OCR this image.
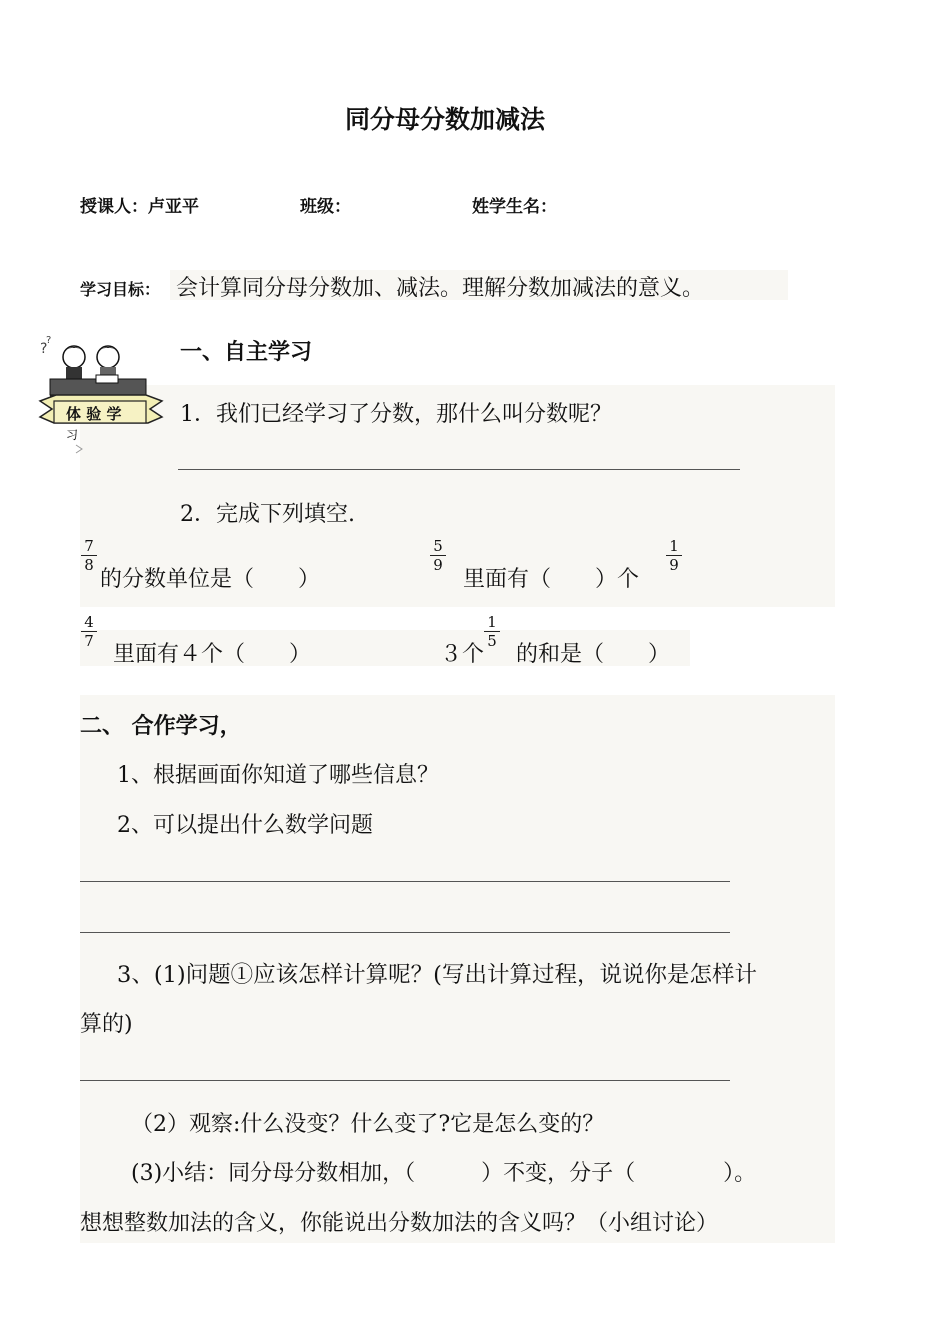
同分母分数加减法
授课人：卢亚平	班级：	姓学生名：
学习目标： 会计算同分母分数加、减法。理解分数加减法的意义。
?
?
体 验 学
习
一、自主学习
1．我们已经学习了分数，那什么叫分数呢？
2．完成下列填空.
7
8
的分数单位是（　　）
5
9
里面有（　　）个
1
9
4
7
里面有４个（　　）	３个
1
5
的和是（　　）
二、 合作学习，
1、根据画面你知道了哪些信息？
2、可以提出什么数学问题
3、(1)问题①应该怎样计算呢？(写出计算过程，说说你是怎样计
算的)
（2）观察:什么没变？什么变了?它是怎么变的？
(3)小结：同分母分数相加，（　　　）不变，分子（　　　　）。
想想整数加法的含义，你能说出分数加法的含义吗？（小组讨论）
